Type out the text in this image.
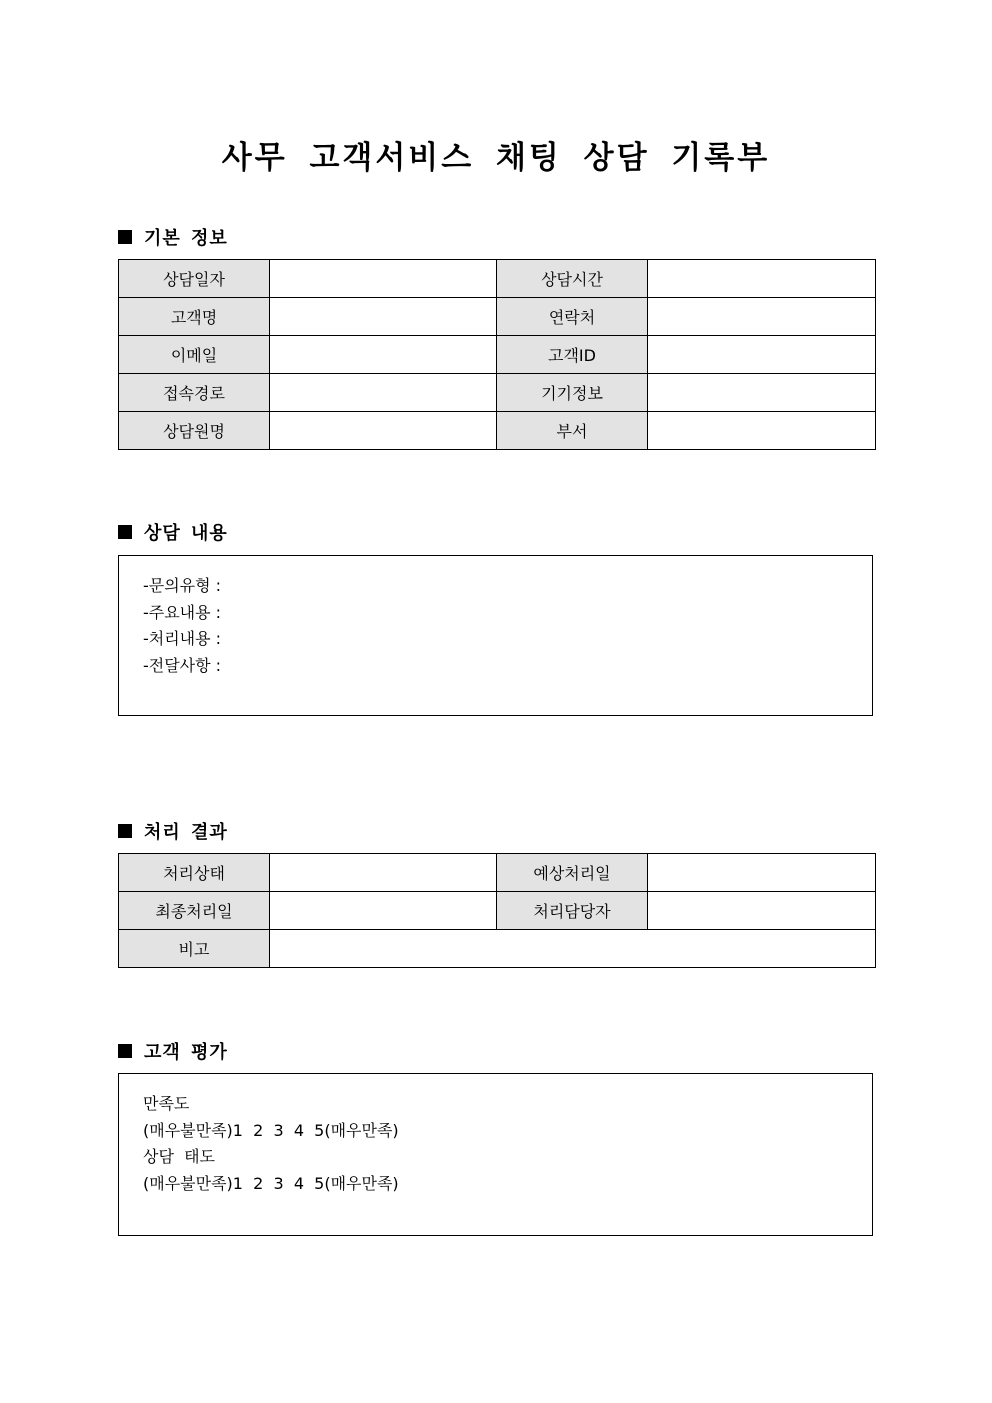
사무 고객서비스 채팅 상담 기록부
기본 정보
상담일자		상담시간	
고객명		연락처	
이메일		고객ID	
접속경로		기기정보	
상담원명		부서	
상담 내용
-문의유형 :
-주요내용 :
-처리내용 :
-전달사항 :
처리 결과
처리상태		예상처리일	
최종처리일		처리담당자	
비고			
고객 평가
만족도
(매우불만족)1  2  3  4  5(매우만족)
상담  태도
(매우불만족)1  2  3  4  5(매우만족)
